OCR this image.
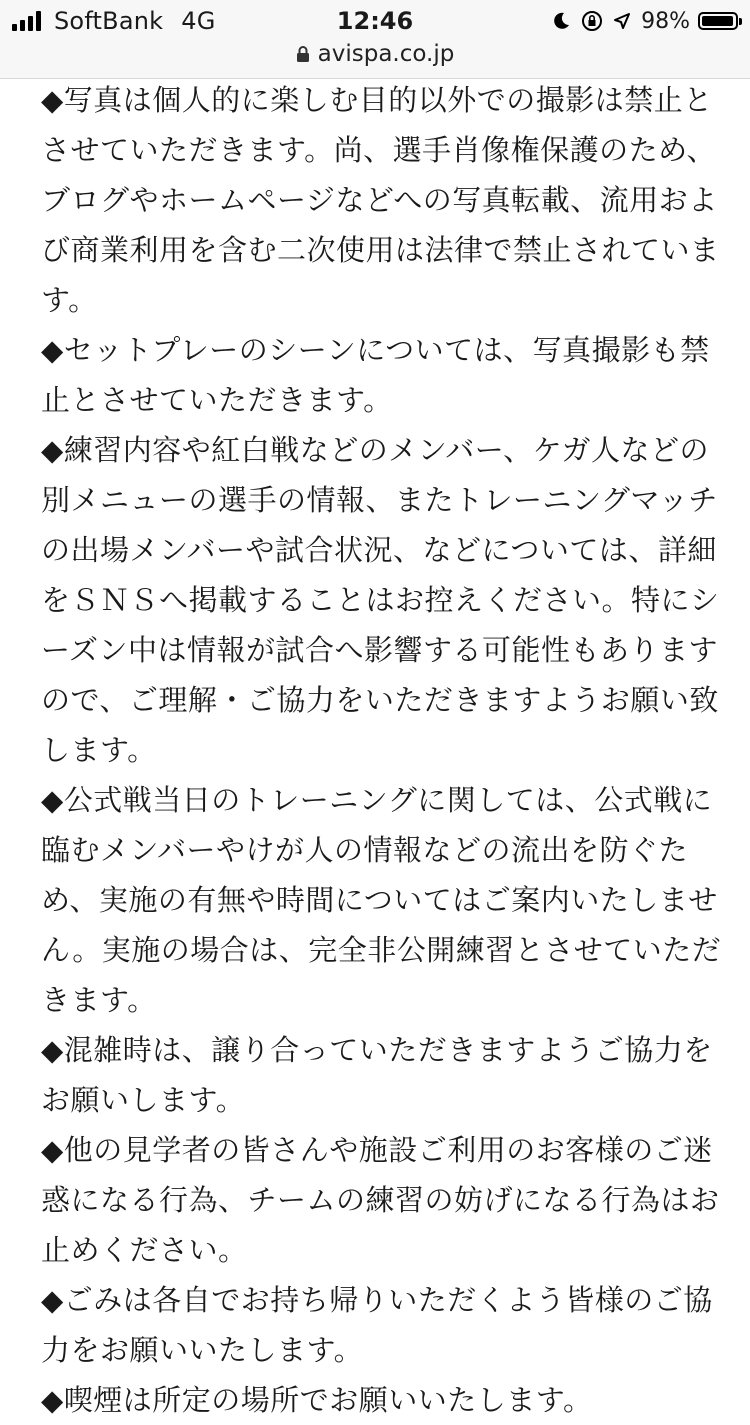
SoftBank 4G	12:46	98%
avispa.co.jp

◆写真は個人的に楽しむ目的以外での撮影は禁止とさせていただきます。尚、選手肖像権保護のため、ブログやホームページなどへの写真転載、流用および商業利用を含む二次使用は法律で禁止されています。

◆セットプレーのシーンについては、写真撮影も禁止とさせていただきます。

◆練習内容や紅白戦などのメンバー、ケガ人などの別メニューの選手の情報、またトレーニングマッチの出場メンバーや試合状況、などについては、詳細をＳＮＳへ掲載することはお控えください。特にシーズン中は情報が試合へ影響する可能性もありますので、ご理解・ご協力をいただきますようお願い致します。

◆公式戦当日のトレーニングに関しては、公式戦に臨むメンバーやけが人の情報などの流出を防ぐため、実施の有無や時間についてはご案内いたしません。実施の場合は、完全非公開練習とさせていただきます。

◆混雑時は、譲り合っていただきますようご協力をお願いします。

◆他の見学者の皆さんや施設ご利用のお客様のご迷惑になる行為、チームの練習の妨げになる行為はお止めください。

◆ごみは各自でお持ち帰りいただくよう皆様のご協力をお願いいたします。

◆喫煙は所定の場所でお願いいたします。
